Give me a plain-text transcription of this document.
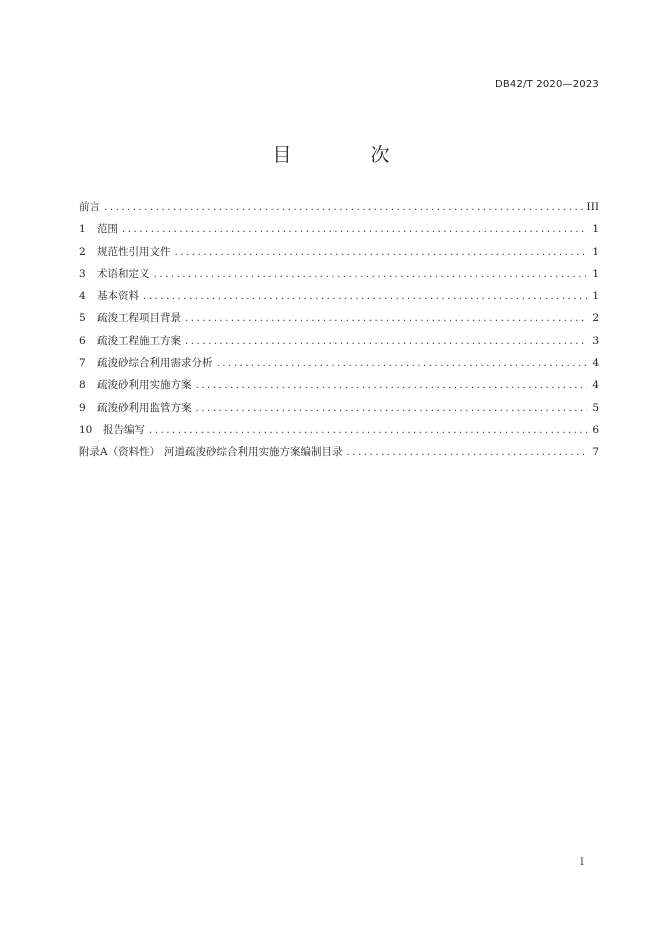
DB42/T 2020—2023
目　次
前言 .....	III
1	范围 .....	1
2	规范性引用文件 .....	1
3	术语和定义 .....	1
4	基本资料 .....	1
5	疏浚工程项目背景 .....	2
6	疏浚工程施工方案 .....	3
7	疏浚砂综合利用需求分析 .....	4
8	疏浚砂利用实施方案 .....	4
9	疏浚砂利用监管方案 .....	5
10	报告编写 .....	6
附录A（资料性） 河道疏浚砂综合利用实施方案编制目录 .....	7
I
